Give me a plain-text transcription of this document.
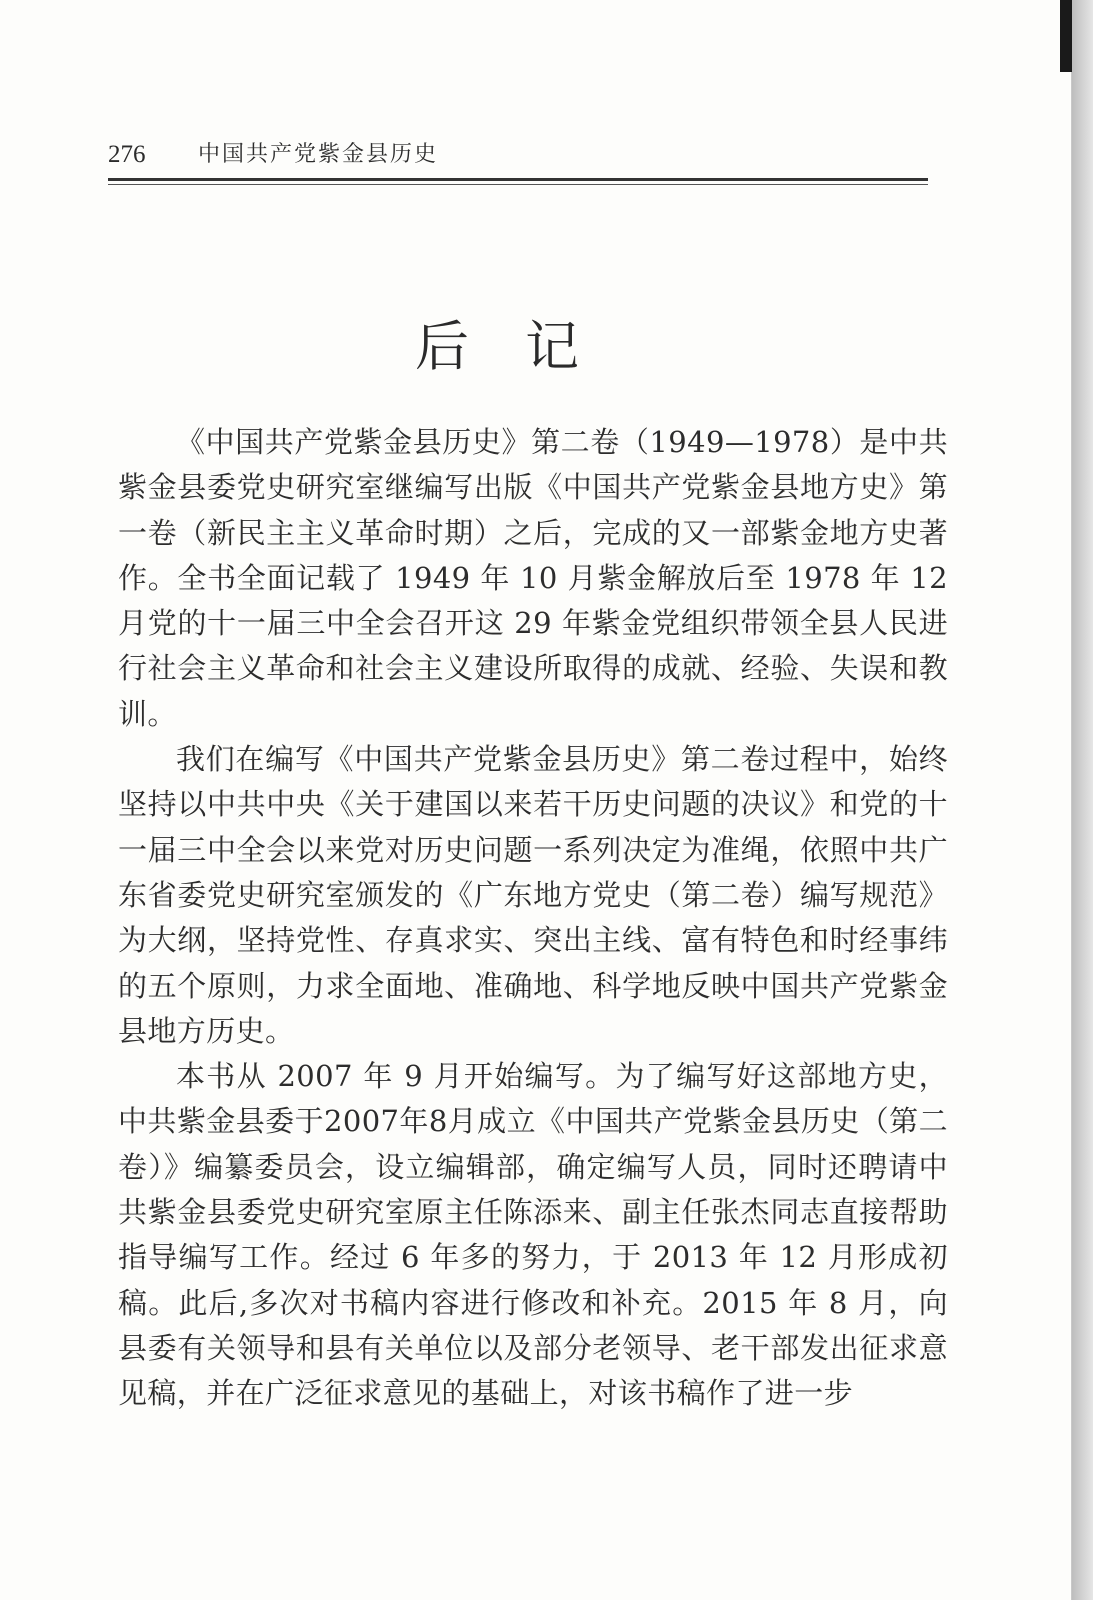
276 中国共产党紫金县历史
后记

《中国共产党紫金县历史》第二卷（1949—1978）是中共紫金县委党史研究室继编写出版《中国共产党紫金县地方史》第一卷（新民主主义革命时期）之后，完成的又一部紫金地方史著作。全书全面记载了 1949 年 10 月紫金解放后至 1978 年 12 月党的十一届三中全会召开这 29 年紫金党组织带领全县人民进行社会主义革命和社会主义建设所取得的成就、经验、失误和教训。

我们在编写《中国共产党紫金县历史》第二卷过程中，始终坚持以中共中央《关于建国以来若干历史问题的决议》和党的十一届三中全会以来党对历史问题一系列决定为准绳，依照中共广东省委党史研究室颁发的《广东地方党史（第二卷）编写规范》为大纲，坚持党性、存真求实、突出主线、富有特色和时经事纬的五个原则，力求全面地、准确地、科学地反映中国共产党紫金县地方历史。

本书从 2007 年 9 月开始编写。为了编写好这部地方史，中共紫金县委于2007年8月成立《中国共产党紫金县历史（第二卷）》编纂委员会，设立编辑部，确定编写人员，同时还聘请中共紫金县委党史研究室原主任陈添来、副主任张杰同志直接帮助指导编写工作。经过 6 年多的努力，于 2013 年 12 月形成初稿。此后,多次对书稿内容进行修改和补充。2015 年 8 月，向县委有关领导和县有关单位以及部分老领导、老干部发出征求意见稿，并在广泛征求意见的基础上，对该书稿作了进一步
